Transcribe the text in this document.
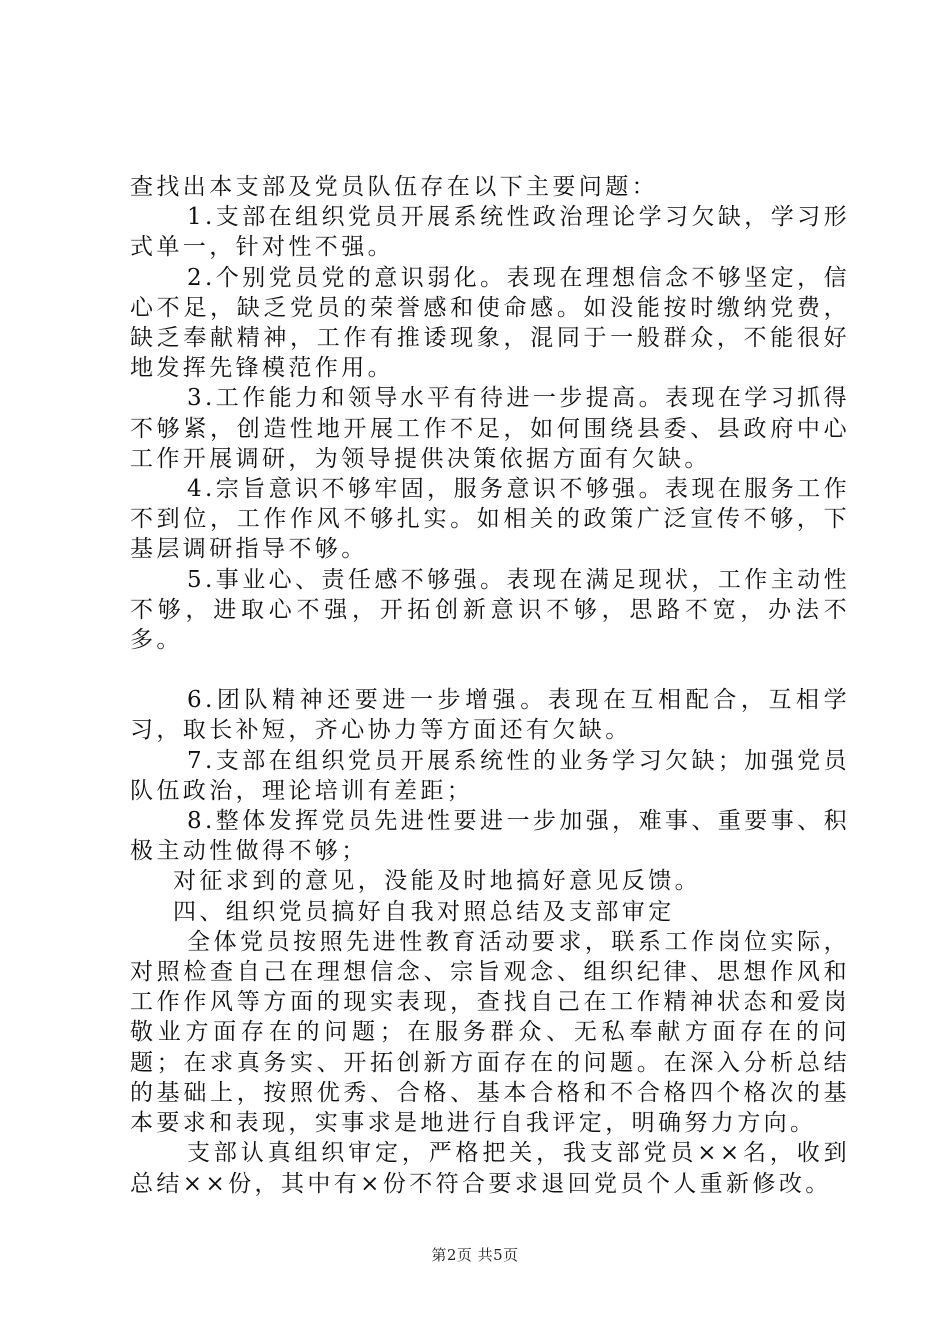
查找出本支部及党员队伍存在以下主要问题：

1.支部在组织党员开展系统性政治理论学习欠缺，学习形式单一，针对性不强。

2.个别党员党的意识弱化。表现在理想信念不够坚定，信心不足，缺乏党员的荣誉感和使命感。如没能按时缴纳党费，缺乏奉献精神，工作有推诿现象，混同于一般群众，不能很好地发挥先锋模范作用。

3.工作能力和领导水平有待进一步提高。表现在学习抓得不够紧，创造性地开展工作不足，如何围绕县委、县政府中心工作开展调研，为领导提供决策依据方面有欠缺。

4.宗旨意识不够牢固，服务意识不够强。表现在服务工作不到位，工作作风不够扎实。如相关的政策广泛宣传不够，下基层调研指导不够。

5.事业心、责任感不够强。表现在满足现状，工作主动性不够，进取心不强，开拓创新意识不够，思路不宽，办法不多。

6.团队精神还要进一步增强。表现在互相配合，互相学习，取长补短，齐心协力等方面还有欠缺。

7.支部在组织党员开展系统性的业务学习欠缺；加强党员队伍政治，理论培训有差距；

8.整体发挥党员先进性要进一步加强，难事、重要事、积极主动性做得不够；

对征求到的意见，没能及时地搞好意见反馈。

四、组织党员搞好自我对照总结及支部审定

全体党员按照先进性教育活动要求，联系工作岗位实际，对照检查自己在理想信念、宗旨观念、组织纪律、思想作风和工作作风等方面的现实表现，查找自己在工作精神状态和爱岗敬业方面存在的问题；在服务群众、无私奉献方面存在的问题；在求真务实、开拓创新方面存在的问题。在深入分析总结的基础上，按照优秀、合格、基本合格和不合格四个格次的基本要求和表现，实事求是地进行自我评定，明确努力方向。

支部认真组织审定，严格把关，我支部党员××名，收到总结××份，其中有×份不符合要求退回党员个人重新修改。

第2页 共5页
